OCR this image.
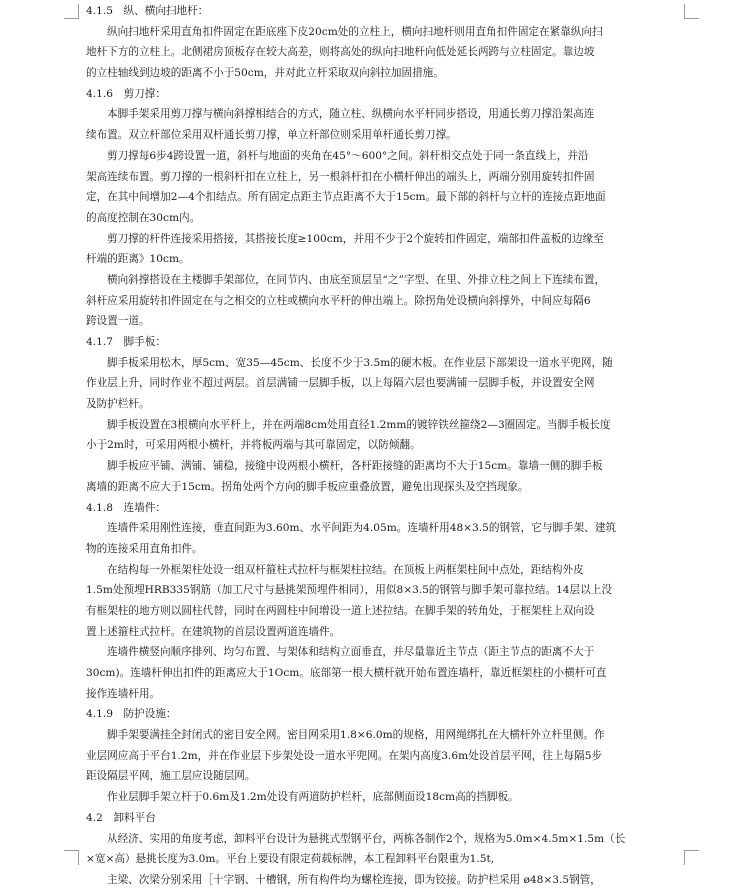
4.1.5　纵、横向扫地杆：
纵向扫地杆采用直角扣件固定在距底座下皮20cm处的立柱上，横向扫地杆则用直角扣件固定在紧靠纵向扫
地杆下方的立柱上。北侧裙房顶板存在较大高差，则将高处的纵向扫地杆向低处延长两跨与立柱固定。靠边坡
的立柱轴线到边坡的距离不小于50cm，并对此立杆采取双向斜拉加固措施。
4.1.6　剪刀撑：
本脚手架采用剪刀撑与横向斜撑相结合的方式，随立柱、纵横向水平杆同步搭设，用通长剪刀撑沿架高连
续布置。双立杆部位采用双杆通长剪刀撑，单立杆部位则采用单杆通长剪刀撑。
剪刀撑每6步4跨设置一道，斜杆与地面的夹角在45°～600°之间。斜杆相交点处于同一条直线上，并沿
架高连续布置。剪刀撑的一根斜杆扣在立柱上，另一根斜杆扣在小横杆伸出的端头上，两端分别用旋转扣件固
定，在其中间增加2—4个扣结点。所有固定点距主节点距离不大于15cm。最下部的斜杆与立杆的连接点距地面
的高度控制在30cm内。
剪刀撑的杆件连接采用搭接，其搭接长度≥100cm，并用不少于2个旋转扣件固定，端部扣件盖板的边缘至
杆端的距离》10cm。
横向斜撑搭设在主楼脚手架部位，在同节内、由底至顶层呈“之”字型、在里、外排立柱之间上下连续布置，
斜杆应采用旋转扣件固定在与之相交的立柱或横向水平杆的伸出端上。除拐角处设横向斜撑外，中间应每隔6
跨设置一道。
4.1.7　脚手板：
脚手板采用松木，厚5cm、宽35—45cm、长度不少于3.5m的硬木板。在作业层下部架设一道水平兜网，随
作业层上升，同时作业不超过两层。首层满铺一层脚手板，以上每隔六层也要满铺一层脚手板，并设置安全网
及防护栏杆。
脚手板设置在3根横向水平杆上，并在两端8cm处用直径1.2mm的镀锌铁丝箍绕2—3圈固定。当脚手板长度
小于2m时，可采用两根小横杆，并将板两端与其可靠固定，以防倾翻。
脚手板应平铺、满铺、铺稳，接缝中设两根小横杆，各杆距接缝的距离均不大于15cm。靠墙一侧的脚手板
离墙的距离不应大于15cm。拐角处两个方向的脚手板应重叠放置，避免出现探头及空挡现象。
4.1.8　连墙件：
连墙件采用刚性连接，垂直间距为3.60m、水平间距为4.05m。连墙杆用48×3.5的钢管，它与脚手架、建筑
物的连接采用直角扣件。
在结构每一外框架柱处设一组双杆箍柱式拉杆与框架柱拉结。在顶板上两框架柱间中点处，距结构外皮
1.5m处预埋HRB335钢筋（加工尺寸与悬挑架预埋件相同），用似8×3.5的钢管与脚手架可靠拉结。14层以上没
有框架柱的地方则以圆柱代替，同时在两圆柱中间增设一道上述拉结。在脚手架的转角处，于框架柱上双向设
置上述箍柱式拉杆。在建筑物的首层设置两道连墙件。
连墙件横竖向顺序排列、均匀布置、与架体和结构立面垂直，并尽量靠近主节点（距主节点的距离不大于
30cm)。连墙杆伸出扣件的距离应大于1Ocm。底部第一根大横杆就开始布置连墙杆，靠近框架柱的小横杆可直
接作连墙杆用。
4.1.9　防护设施：
脚手架要满挂全封闭式的密目安全网。密目网采用1.8×6.0m的规格，用网绳绑扎在大横杆外立杆里侧。作
业层网应高于平台1.2m，并在作业层下步架处设一道水平兜网。在架内高度3.6m处设首层平网，往上每隔5步
距设隔层平网，施工层应设随层网。
作业层脚手架立杆于0.6m及1.2m处设有两道防护栏杆，底部侧面设18cm高的挡脚板。
4.2　卸料平台
从经济、实用的角度考虑，卸料平台设计为悬挑式型钢平台，两栋各制作2个，规格为5.0m×4.5m×1.5m（长
×宽×高）悬挑长度为3.0m。平台上要设有限定荷载标牌，本工程卸料平台限重为1.5t,
主梁、次梁分别采用［十字钢、十槽钢，所有构件均为螺栓连接，即为铰接。防护栏采用 ø48×3.5钢管，
